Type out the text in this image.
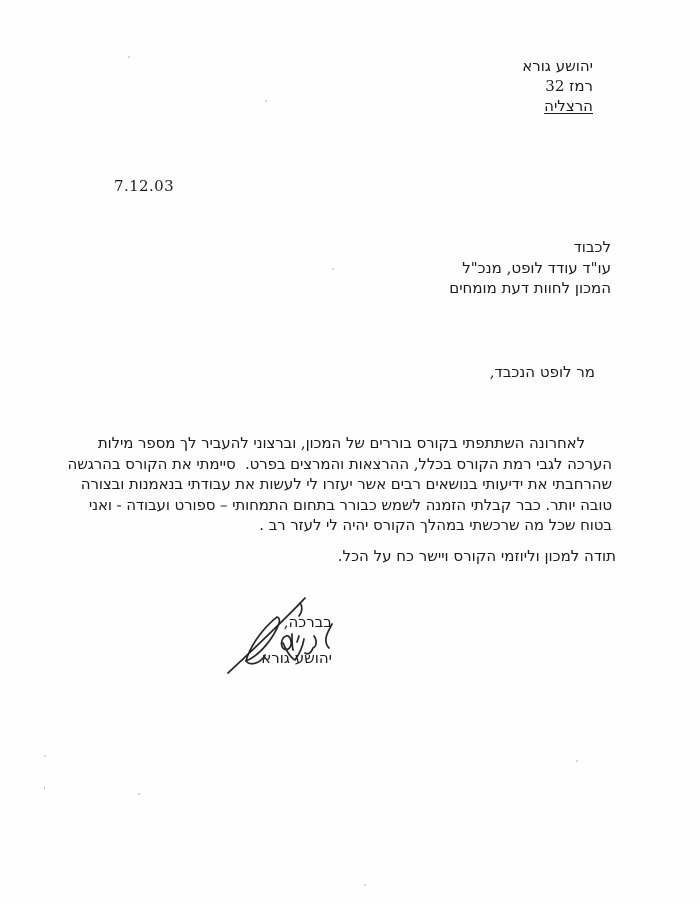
יהושע גורא
רמז 32
הרצליה
7.12.03
לכבוד
עו"ד עודד לופט, מנכ"ל
המכון לחוות דעת מומחים
מר לופט הנכבד,
לאחרונה השתתפתי בקורס בוררים של המכון, וברצוני להעביר לך מספר מילות
הערכה לגבי רמת הקורס בכלל, ההרצאות והמרצים בפרט.  סיימתי את הקורס בהרגשה
שהרחבתי את ידיעותי בנושאים רבים אשר יעזרו לי לעשות את עבודתי בנאמנות ובצורה
טובה יותר. כבר קבלתי הזמנה לשמש כבורר בתחום התמחותי – ספורט ועבודה - ואני
בטוח שכל מה שרכשתי במהלך הקורס יהיה לי לעזר רב .
תודה למכון וליוזמי הקורס ויישר כח על הכל.
בברכה,
יהושע גורא
